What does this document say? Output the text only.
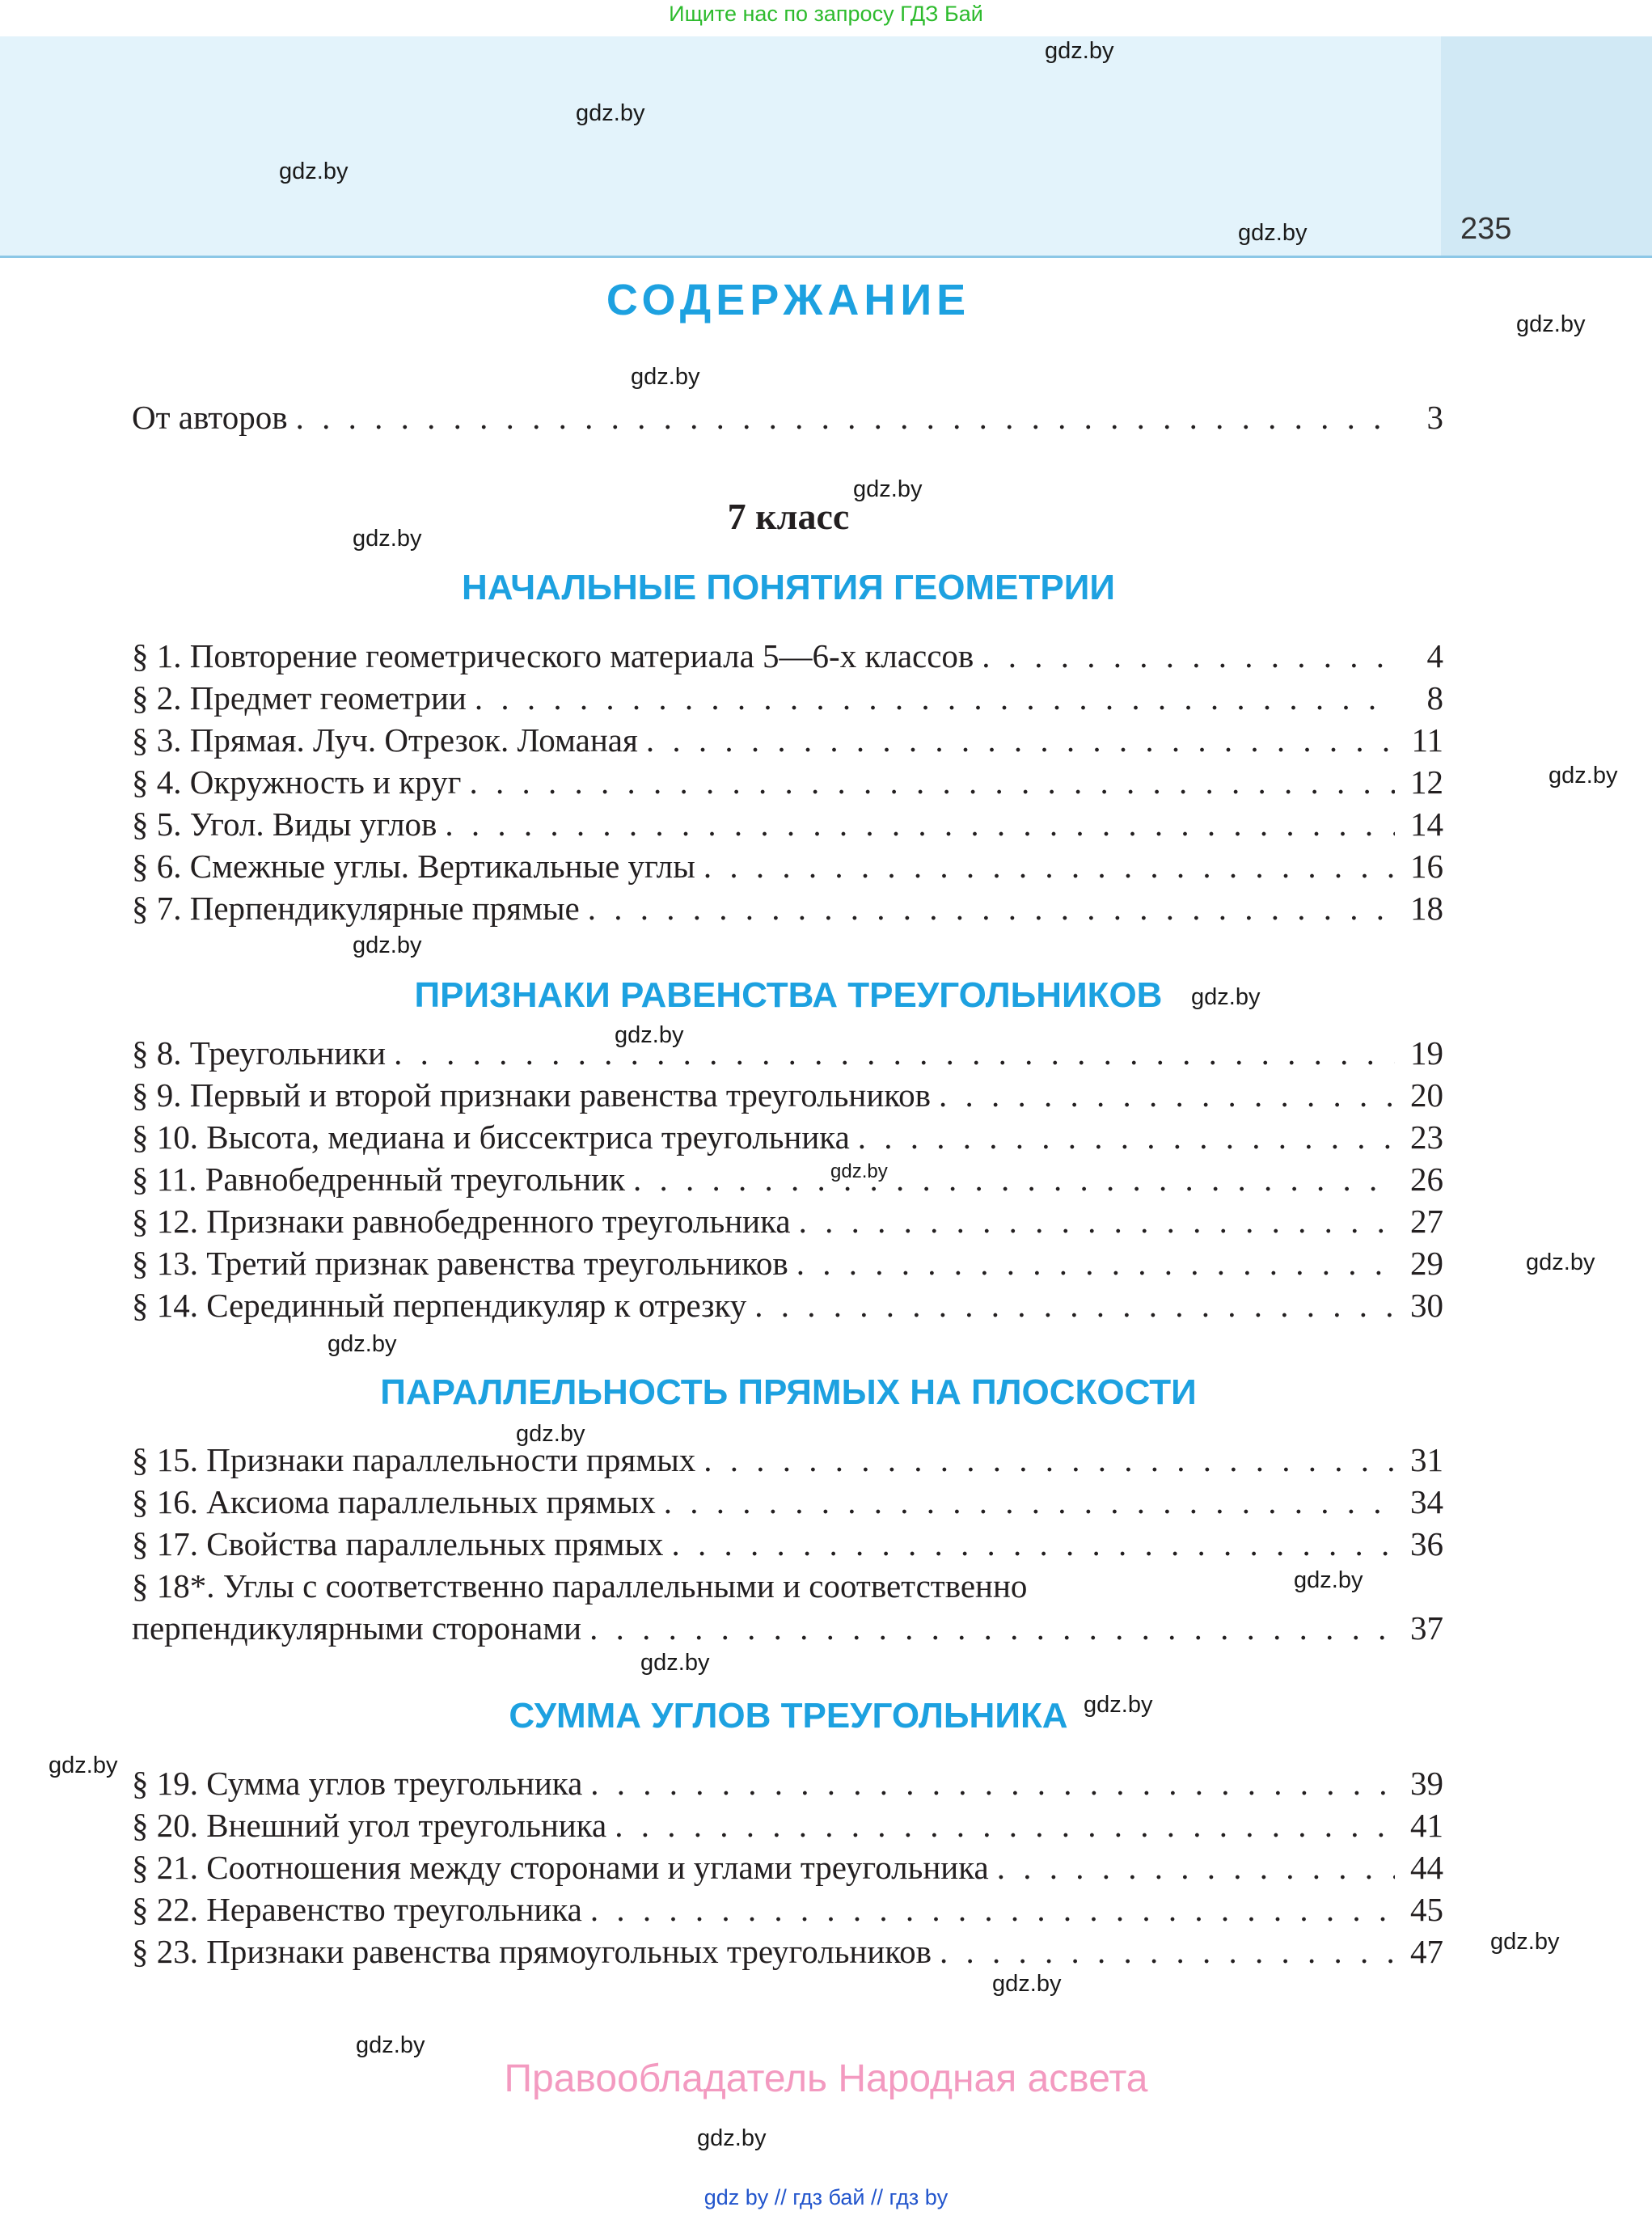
Ищите нас по запросу ГДЗ Бай
235
СОДЕРЖАНИЕ
От авторов . . .	3
7 класс
НАЧАЛЬНЫЕ ПОНЯТИЯ ГЕОМЕТРИИ
§ 1. Повторение геометрического материала 5—6-х классов . . .	4
§ 2. Предмет геометрии . . .	8
§ 3. Прямая. Луч. Отрезок. Ломаная . . .	11
§ 4. Окружность и круг . . .	12
§ 5. Угол. Виды углов . . .	14
§ 6. Смежные углы. Вертикальные углы . . .	16
§ 7. Перпендикулярные прямые . . .	18
ПРИЗНАКИ РАВЕНСТВА ТРЕУГОЛЬНИКОВ
§ 8. Треугольники . . .	19
§ 9. Первый и второй признаки равенства треугольников . . .	20
§ 10. Высота, медиана и биссектриса треугольника . . .	23
§ 11. Равнобедренный треугольник . . .	26
§ 12. Признаки равнобедренного треугольника . . .	27
§ 13. Третий признак равенства треугольников . . .	29
§ 14. Серединный перпендикуляр к отрезку . . .	30
ПАРАЛЛЕЛЬНОСТЬ ПРЯМЫХ НА ПЛОСКОСТИ
§ 15. Признаки параллельности прямых . . .	31
§ 16. Аксиома параллельных прямых . . .	34
§ 17. Свойства параллельных прямых . . .	36
§ 18*. Углы с соответственно параллельными и соответственно
перпендикулярными сторонами . . .	37
СУММА УГЛОВ ТРЕУГОЛЬНИКА
§ 19. Сумма углов треугольника . . .	39
§ 20. Внешний угол треугольника . . .	41
§ 21. Соотношения между сторонами и углами треугольника . . .	44
§ 22. Неравенство треугольника . . .	45
§ 23. Признаки равенства прямоугольных треугольников . . .	47
gdz.by
gdz.by
gdz.by
gdz.by
gdz.by
gdz.by
gdz.by
gdz.by
gdz.by
gdz.by
gdz.by
gdz.by
gdz.by
gdz.by
gdz.by
gdz.by
gdz.by
gdz.by
gdz.by
gdz.by
gdz.by
gdz.by
gdz.by
gdz.by
Правообладатель Народная асвета
gdz by // гдз бай // гдз by
